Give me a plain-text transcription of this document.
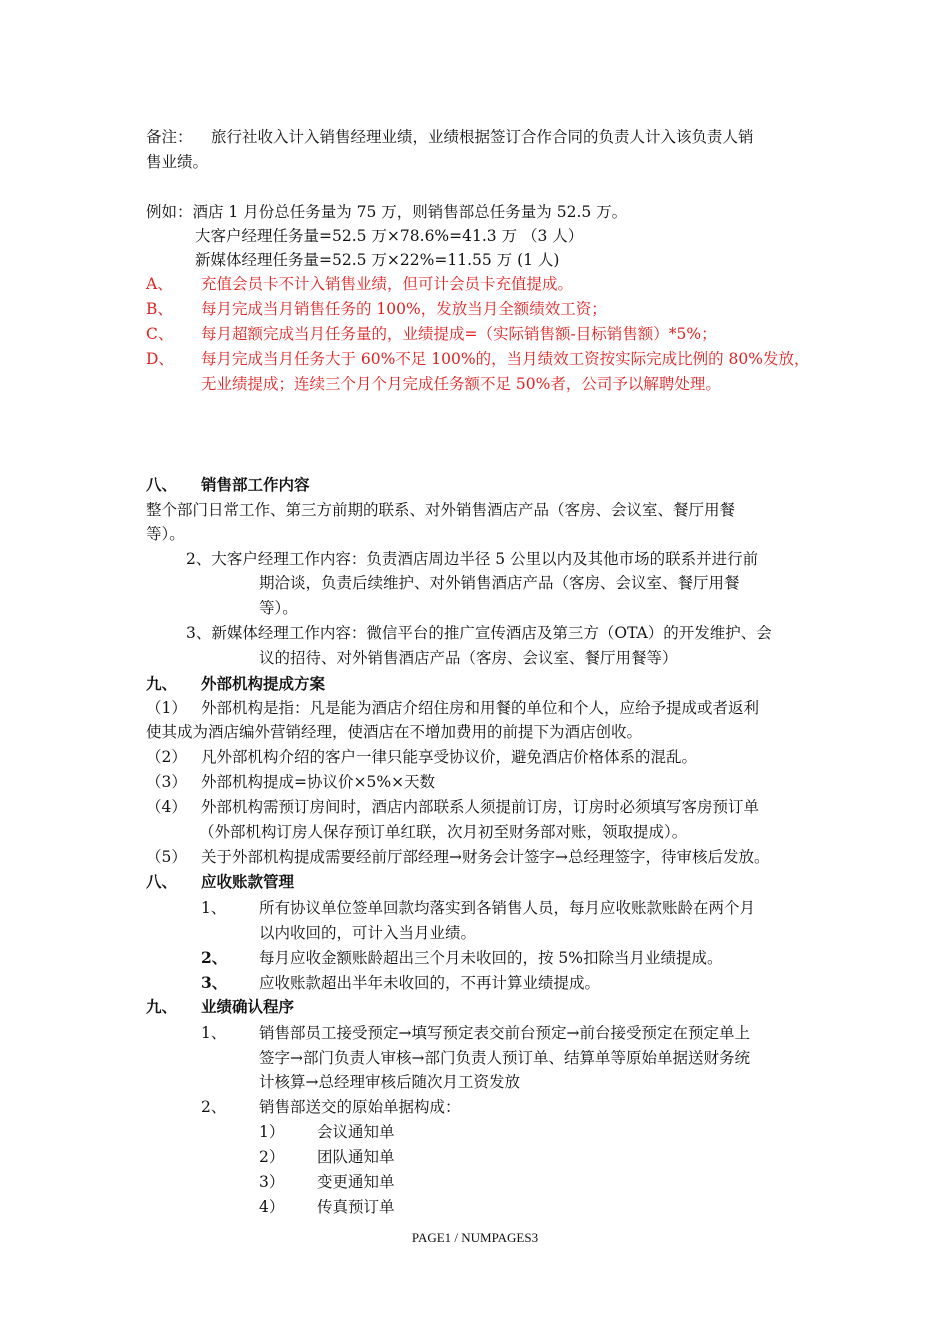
备注： 旅行社收入计入销售经理业绩，业绩根据签订合作合同的负责人计入该负责人销
售业绩。
例如：酒店 1 月份总任务量为 75 万，则销售部总任务量为 52.5 万。
大客户经理任务量=52.5 万×78.6%=41.3 万 （3 人）
新媒体经理任务量=52.5 万×22%=11.55 万 (1 人)
A、 充值会员卡不计入销售业绩，但可计会员卡充值提成。
B、 每月完成当月销售任务的 100%，发放当月全额绩效工资；
C、 每月超额完成当月任务量的，业绩提成=（实际销售额-目标销售额）*5%；
D、 每月完成当月任务大于 60%不足 100%的，当月绩效工资按实际完成比例的 80%发放，
无业绩提成；连续三个月个月完成任务额不足 50%者，公司予以解聘处理。
八、 销售部工作内容
整个部门日常工作、第三方前期的联系、对外销售酒店产品（客房、会议室、餐厅用餐
等）。
2、大客户经理工作内容：负责酒店周边半径 5 公里以内及其他市场的联系并进行前
期洽谈，负责后续维护、对外销售酒店产品（客房、会议室、餐厅用餐
等）。
3、新媒体经理工作内容：微信平台的推广宣传酒店及第三方（OTA）的开发维护、会
议的招待、对外销售酒店产品（客房、会议室、餐厅用餐等）
九、 外部机构提成方案
（1） 外部机构是指：凡是能为酒店介绍住房和用餐的单位和个人，应给予提成或者返利
使其成为酒店编外营销经理，使酒店在不增加费用的前提下为酒店创收。
（2） 凡外部机构介绍的客户一律只能享受协议价，避免酒店价格体系的混乱。
（3） 外部机构提成=协议价×5%×天数
（4） 外部机构需预订房间时，酒店内部联系人须提前订房，订房时必须填写客房预订单
（外部机构订房人保存预订单红联，次月初至财务部对账，领取提成）。
（5） 关于外部机构提成需要经前厅部经理→财务会计签字→总经理签字，待审核后发放。
八、 应收账款管理
1、 所有协议单位签单回款均落实到各销售人员，每月应收账款账龄在两个月
以内收回的，可计入当月业绩。
2、 每月应收金额账龄超出三个月未收回的，按 5%扣除当月业绩提成。
3、 应收账款超出半年未收回的，不再计算业绩提成。
九、 业绩确认程序
1、 销售部员工接受预定→填写预定表交前台预定→前台接受预定在预定单上
签字→部门负责人审核→部门负责人预订单、结算单等原始单据送财务统
计核算→总经理审核后随次月工资发放
2、 销售部送交的原始单据构成：
1） 会议通知单
2） 团队通知单
3） 变更通知单
4） 传真预订单
PAGE1 / NUMPAGES3
